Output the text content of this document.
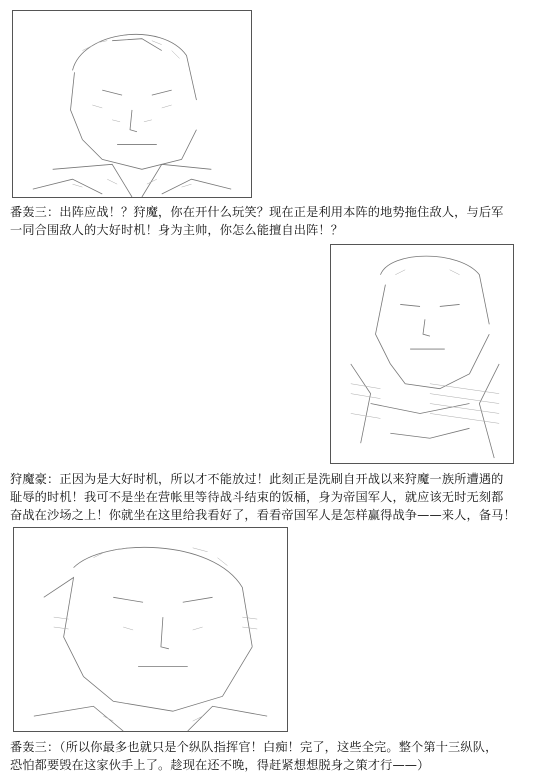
番轰三：出阵应战！？狩魔，你在开什么玩笑？现在正是利用本阵的地势拖住敌人，与后军
一同合围敌人的大好时机！身为主帅，你怎么能擅自出阵！？

狩魔豪：正因为是大好时机，所以才不能放过！此刻正是洗刷自开战以来狩魔一族所遭遇的
耻辱的时机！我可不是坐在营帐里等待战斗结束的饭桶，身为帝国军人，就应该无时无刻都
奋战在沙场之上！你就坐在这里给我看好了，看看帝国军人是怎样赢得战争——来人，备马！

番轰三：（所以你最多也就只是个纵队指挥官！白痴！完了，这些全完。整个第十三纵队，
恐怕都要毁在这家伙手上了。趁现在还不晚，得赶紧想想脱身之策才行——）
